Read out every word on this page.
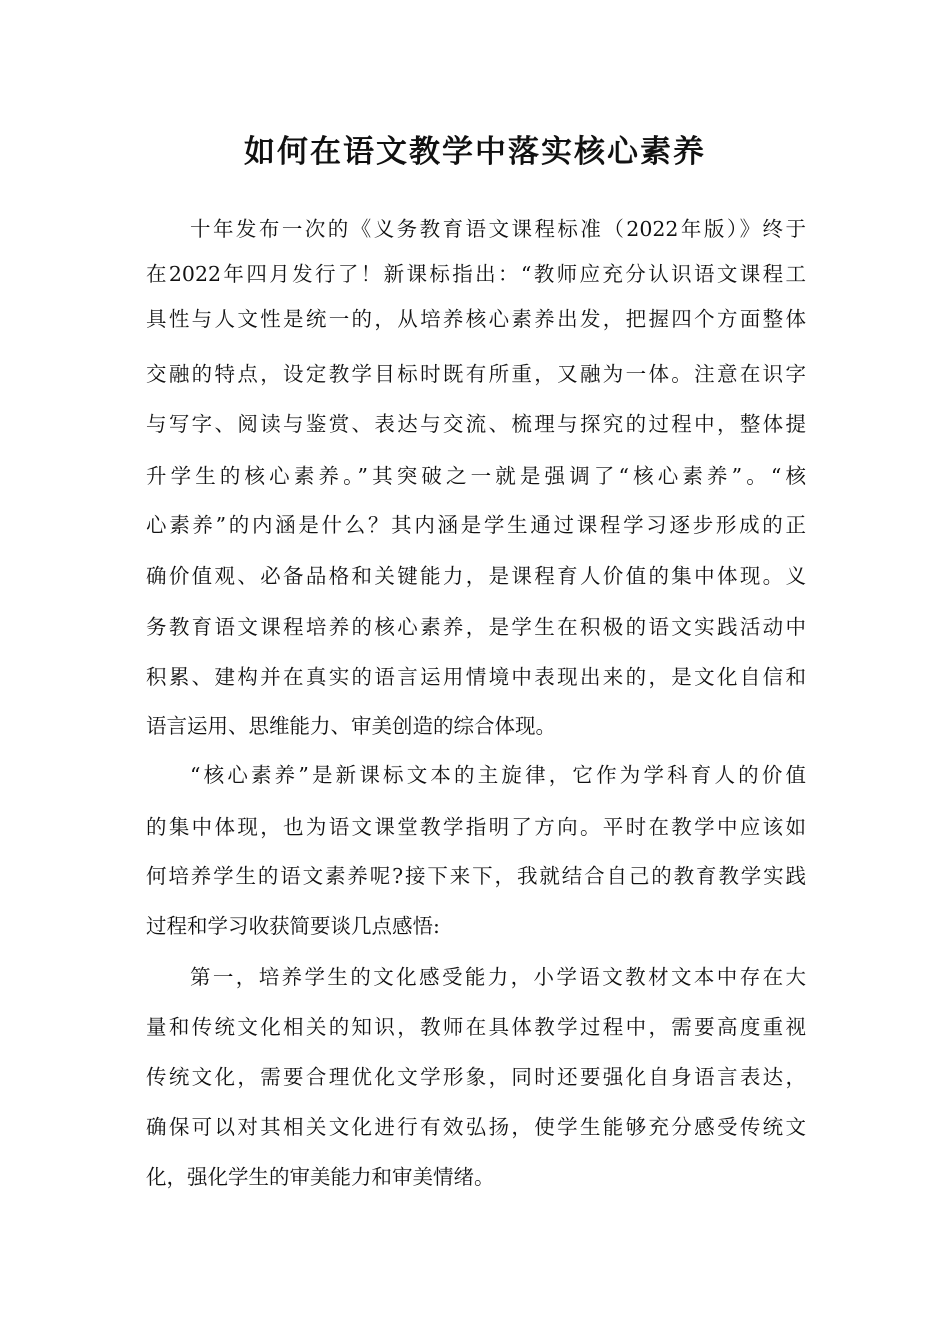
如何在语文教学中落实核心素养

十年发布一次的《义务教育语文课程标准（2022年版）》终于

在2022年四月发行了！新课标指出：“教师应充分认识语文课程工

具性与人文性是统一的，从培养核心素养出发，把握四个方面整体

交融的特点，设定教学目标时既有所重，又融为一体。注意在识字

与写字、阅读与鉴赏、表达与交流、梳理与探究的过程中，整体提

升学生的核心素养。”其突破之一就是强调了“核心素养”。“核

心素养”的内涵是什么？其内涵是学生通过课程学习逐步形成的正

确价值观、必备品格和关键能力，是课程育人价值的集中体现。义

务教育语文课程培养的核心素养，是学生在积极的语文实践活动中

积累、建构并在真实的语言运用情境中表现出来的，是文化自信和

语言运用、思维能力、审美创造的综合体现。

“核心素养”是新课标文本的主旋律，它作为学科育人的价值

的集中体现，也为语文课堂教学指明了方向。平时在教学中应该如

何培养学生的语文素养呢?接下来下，我就结合自己的教育教学实践

过程和学习收获简要谈几点感悟:

第一，培养学生的文化感受能力，小学语文教材文本中存在大

量和传统文化相关的知识，教师在具体教学过程中，需要高度重视

传统文化，需要合理优化文学形象，同时还要强化自身语言表达，

确保可以对其相关文化进行有效弘扬，使学生能够充分感受传统文

化，强化学生的审美能力和审美情绪。
